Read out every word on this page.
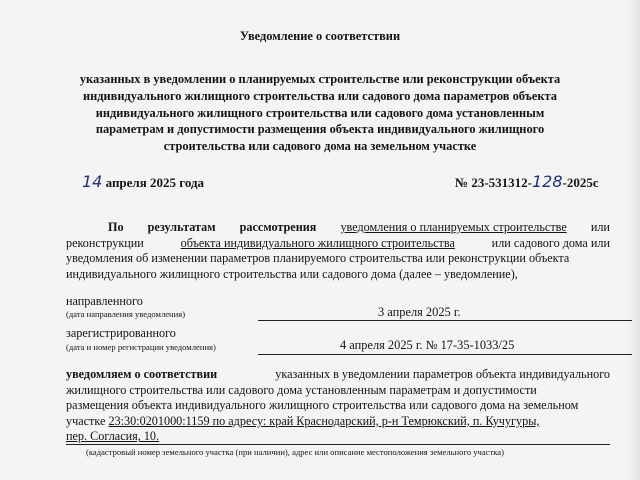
Уведомление о соответствии
указанных в уведомлении о планируемых строительстве или реконструкции объекта
индивидуального жилищного строительства или садового дома параметров объекта
индивидуального жилищного строительства или садового дома установленным
параметрам и допустимости размещения объекта индивидуального жилищного
строительства или садового дома на земельном участке
14 апреля 2025 года	№ 23-531312-128-2025с
По результатам рассмотрения уведомления о планируемых строительстве или
реконструкции	объекта индивидуального жилищного строительства	или садового дома или
уведомления об изменении параметров планируемого строительства или реконструкции объекта
индивидуального жилищного строительства или садового дома (далее – уведомление),
направленного
3 апреля 2025 г.
(дата направления уведомления)
зарегистрированного
4 апреля 2025 г. № 17-35-1033/25
(дата и номер регистрации уведомления)
уведомляем о соответствии	указанных в уведомлении параметров объекта индивидуального
жилищного строительства или садового дома установленным параметрам и допустимости
размещения объекта индивидуального жилищного строительства или садового дома на земельном
участке 23:30:0201000:1159 по адресу: край Краснодарский, р-н Темрюкский, п. Кучугуры,
пер. Согласия, 10.
(кадастровый номер земельного участка (при наличии), адрес или описание местоположения земельного участка)
